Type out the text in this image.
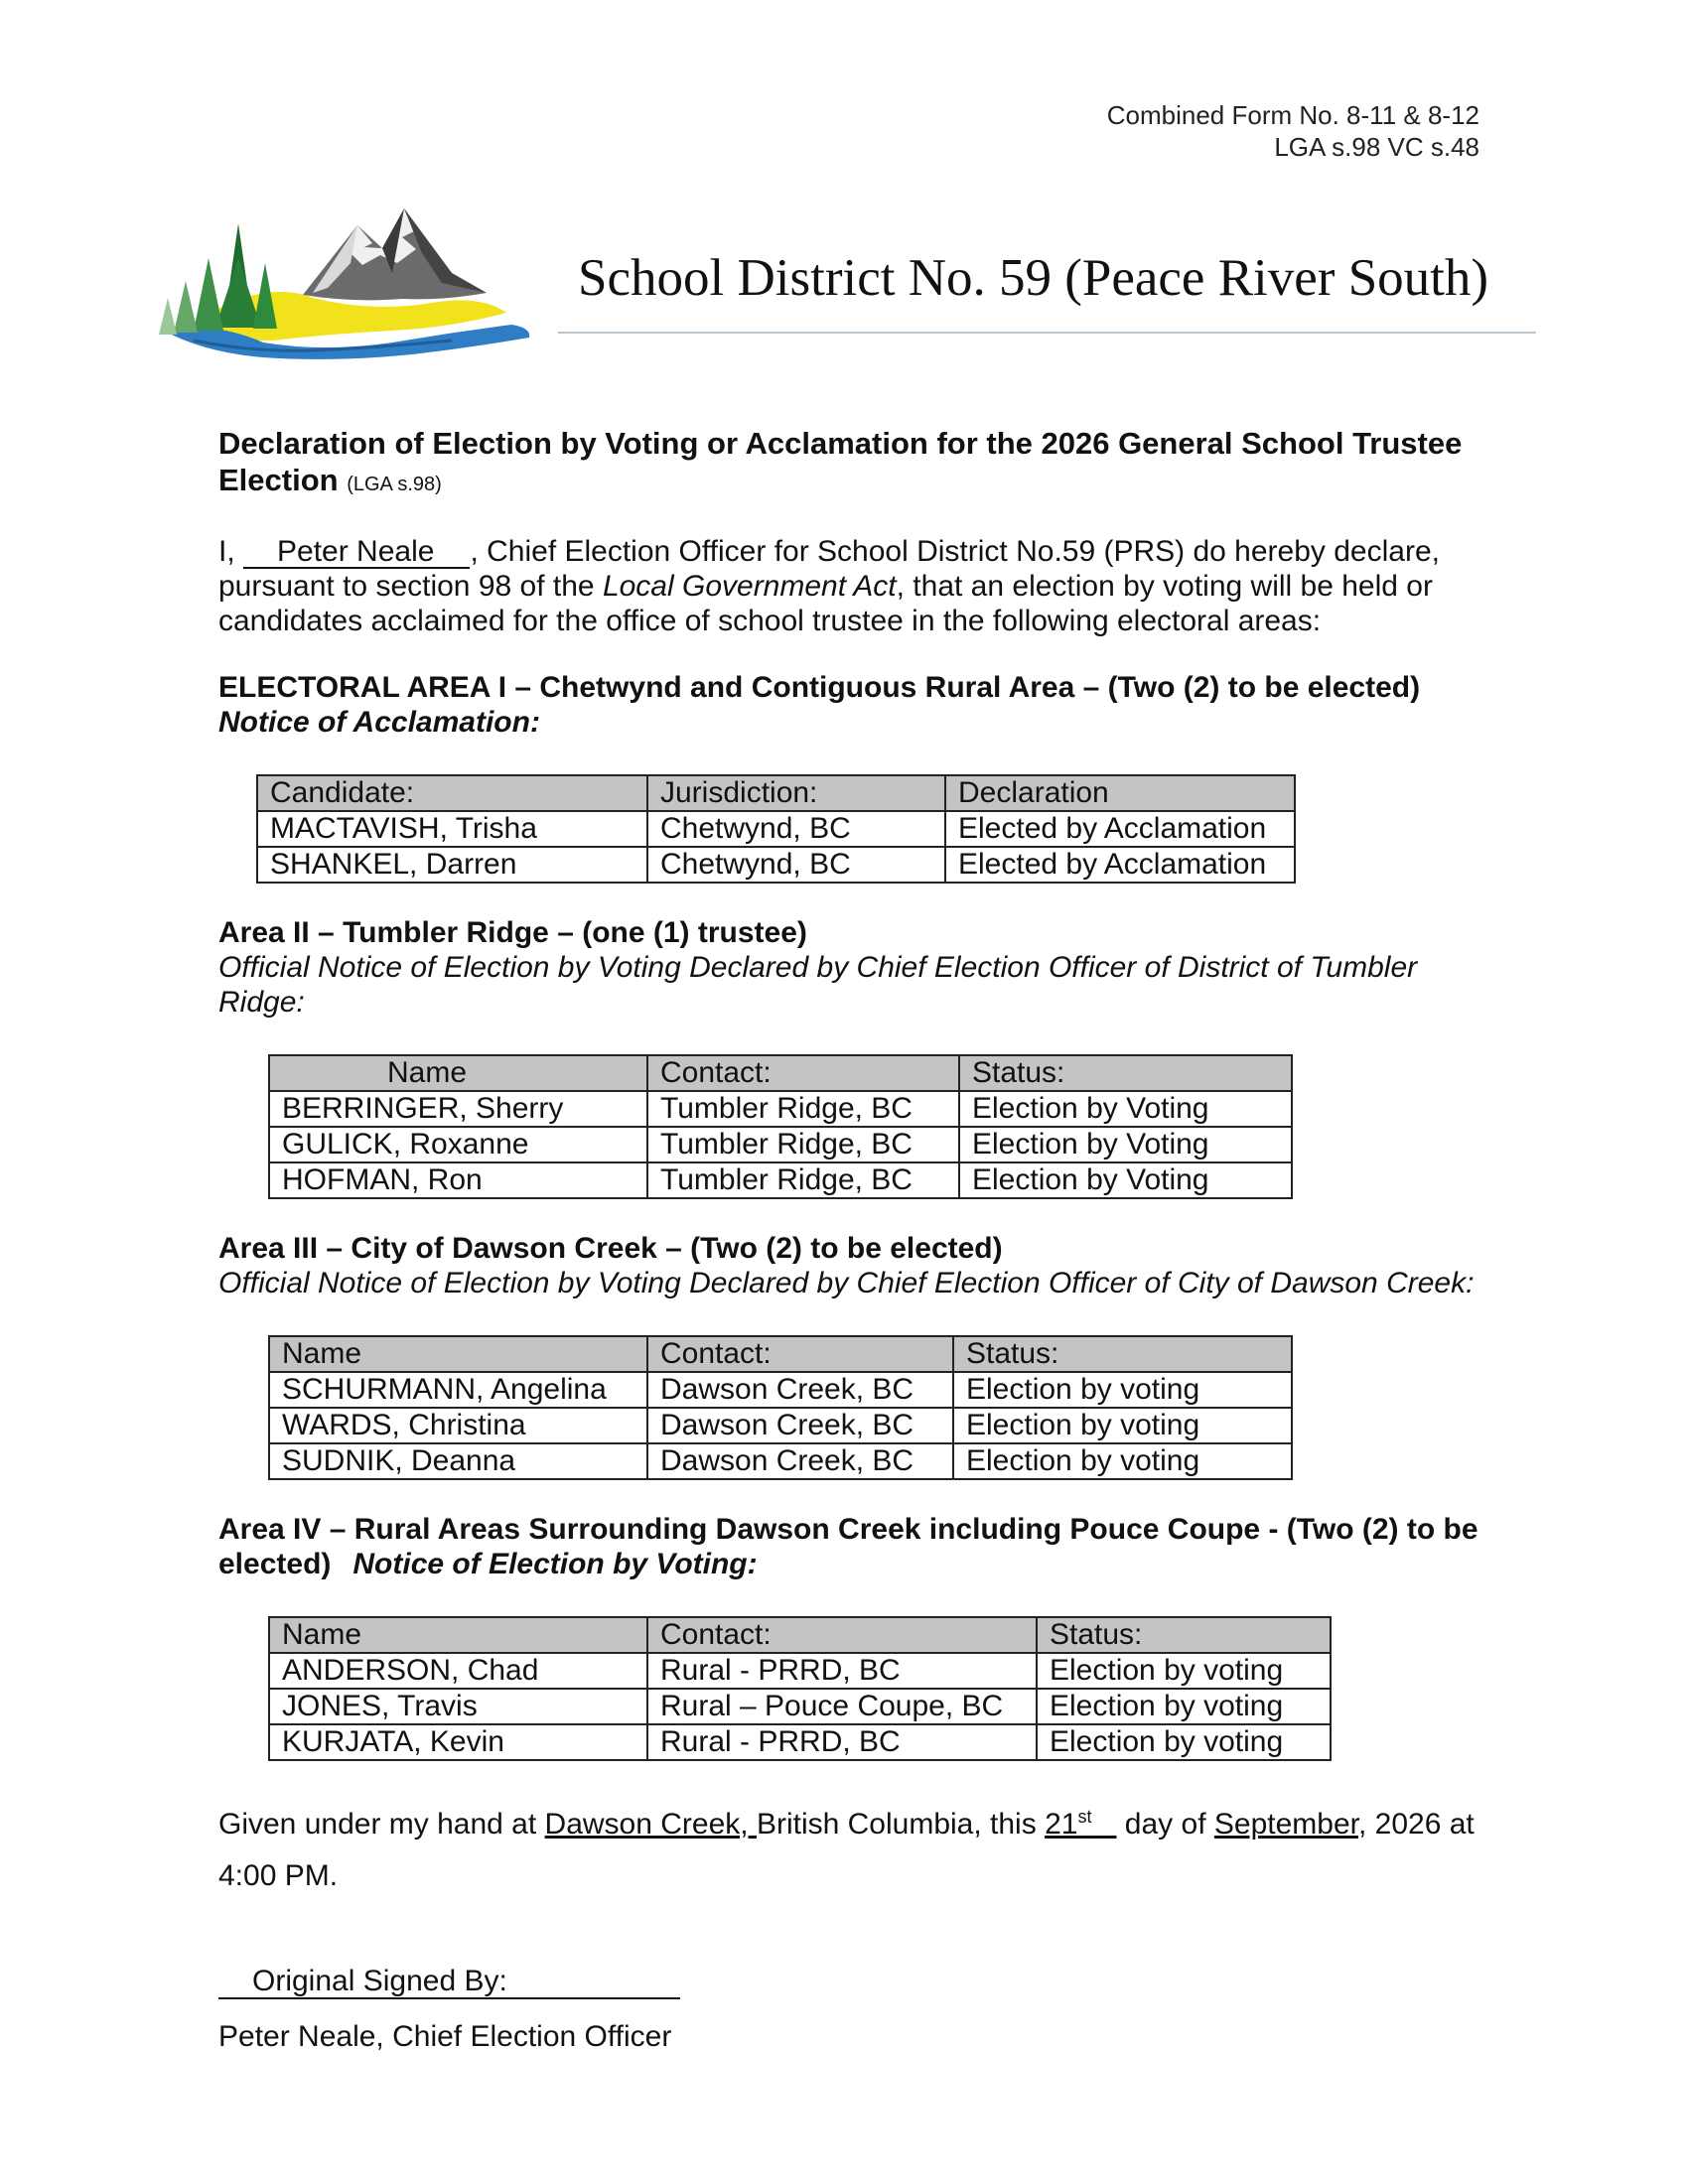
Combined Form No. 8-11 & 8-12
LGA s.98 VC s.48
School District No. 59 (Peace River South)
Declaration of Election by Voting or Acclamation for the 2026 General School Trustee Election (LGA s.98)

I, Peter Neale , Chief Election Officer for School District No.59 (PRS) do hereby declare, pursuant to section 98 of the Local Government Act, that an election by voting will be held or candidates acclaimed for the office of school trustee in the following electoral areas:

ELECTORAL AREA I – Chetwynd and Contiguous Rural Area – (Two (2) to be elected)
Notice of Acclamation:
Candidate:	Jurisdiction:	Declaration
MACTAVISH, Trisha	Chetwynd, BC	Elected by Acclamation
SHANKEL, Darren	Chetwynd, BC	Elected by Acclamation
Area II – Tumbler Ridge – (one (1) trustee)
Official Notice of Election by Voting Declared by Chief Election Officer of District of Tumbler Ridge:
Name	Contact:	Status:
BERRINGER, Sherry	Tumbler Ridge, BC	Election by Voting
GULICK, Roxanne	Tumbler Ridge, BC	Election by Voting
HOFMAN, Ron	Tumbler Ridge, BC	Election by Voting
Area III – City of Dawson Creek – (Two (2) to be elected)
Official Notice of Election by Voting Declared by Chief Election Officer of City of Dawson Creek:
Name	Contact:	Status:
SCHURMANN, Angelina	Dawson Creek, BC	Election by voting
WARDS, Christina	Dawson Creek, BC	Election by voting
SUDNIK, Deanna	Dawson Creek, BC	Election by voting
Area IV – Rural Areas Surrounding Dawson Creek including Pouce Coupe - (Two (2) to be elected) Notice of Election by Voting:
Name	Contact:	Status:
ANDERSON, Chad	Rural - PRRD, BC	Election by voting
JONES, Travis	Rural – Pouce Coupe, BC	Election by voting
KURJATA, Kevin	Rural - PRRD, BC	Election by voting

Given under my hand at Dawson Creek, British Columbia, this 21st    day of September, 2026 at 4:00 PM.

Original Signed By:
Peter Neale, Chief Election Officer
